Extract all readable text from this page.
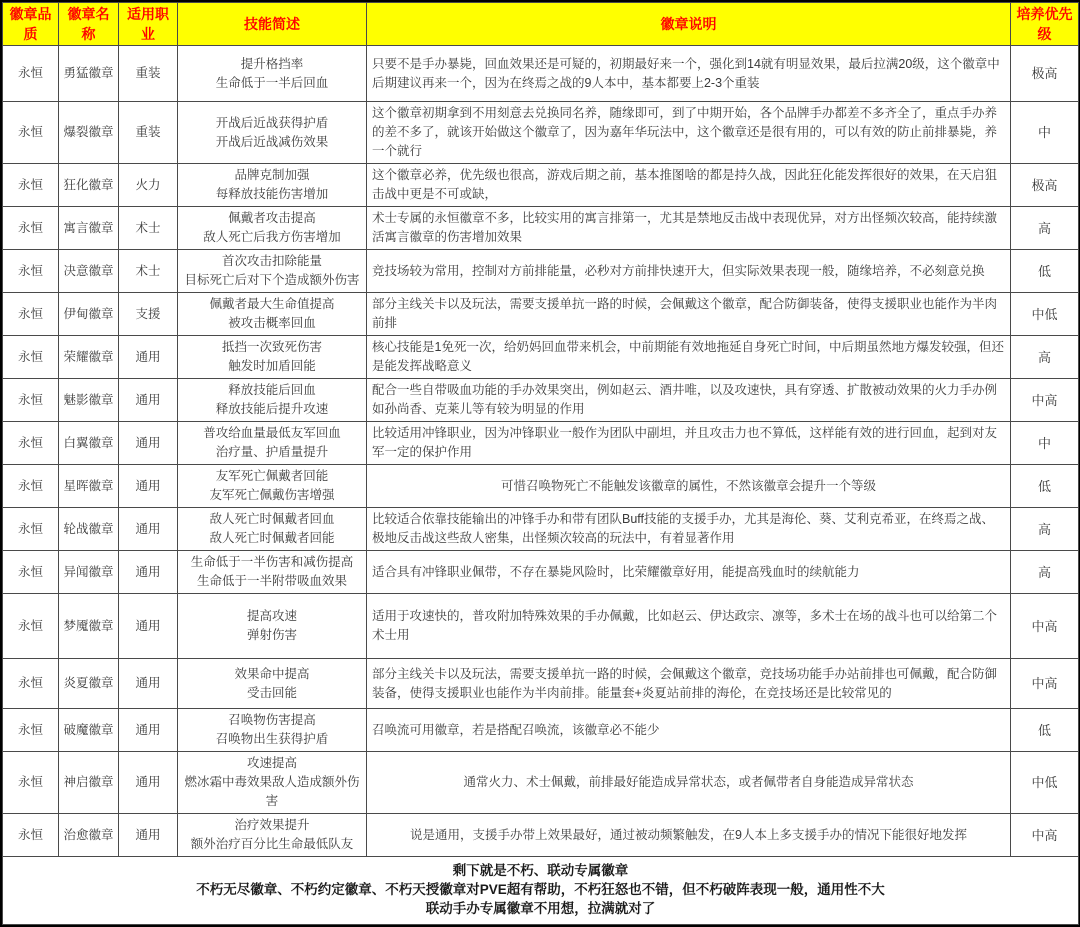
徽章品质	徽章名称	适用职业	技能简述	徽章说明	培养优先级
永恒	勇猛徽章	重装	提升格挡率
生命低于一半后回血	只要不是手办暴毙，回血效果还是可疑的，初期最好来一个，强化到14就有明显效果，最后拉满20级，这个徽章中后期建议再来一个，因为在终焉之战的9人本中，基本都要上2-3个重装	极高
永恒	爆裂徽章	重装	开战后近战获得护盾
开战后近战减伤效果	这个徽章初期拿到不用刻意去兑换同名养，随缘即可，到了中期开始，各个品牌手办都差不多齐全了，重点手办养的差不多了，就该开始做这个徽章了，因为嘉年华玩法中，这个徽章还是很有用的，可以有效的防止前排暴毙，养一个就行	中
永恒	狂化徽章	火力	品牌克制加强
每释放技能伤害增加	这个徽章必养，优先级也很高，游戏后期之前，基本推图啥的都是持久战，因此狂化能发挥很好的效果，在天启狙击战中更是不可或缺，	极高
永恒	寓言徽章	术士	佩戴者攻击提高
敌人死亡后我方伤害增加	术士专属的永恒徽章不多，比较实用的寓言排第一，尤其是禁地反击战中表现优异，对方出怪频次较高，能持续激活寓言徽章的伤害增加效果	高
永恒	决意徽章	术士	首次攻击扣除能量
目标死亡后对下个造成额外伤害	竞技场较为常用，控制对方前排能量，必秒对方前排快速开大，但实际效果表现一般，随缘培养，不必刻意兑换	低
永恒	伊甸徽章	支援	佩戴者最大生命值提高
被攻击概率回血	部分主线关卡以及玩法，需要支援单抗一路的时候，会佩戴这个徽章，配合防御装备，使得支援职业也能作为半肉前排	中低
永恒	荣耀徽章	通用	抵挡一次致死伤害
触发时加盾回能	核心技能是1免死一次，给奶妈回血带来机会，中前期能有效地拖延自身死亡时间，中后期虽然地方爆发较强，但还是能发挥战略意义	高
永恒	魅影徽章	通用	释放技能后回血
释放技能后提升攻速	配合一些自带吸血功能的手办效果突出，例如赵云、酒井唯，以及攻速快，具有穿透、扩散被动效果的火力手办例如孙尚香、克莱儿等有较为明显的作用	中高
永恒	白翼徽章	通用	普攻给血量最低友军回血
治疗量、护盾量提升	比较适用冲锋职业，因为冲锋职业一般作为团队中副坦，并且攻击力也不算低，这样能有效的进行回血，起到对友军一定的保护作用	中
永恒	星晖徽章	通用	友军死亡佩戴者回能
友军死亡佩戴伤害增强	可惜召唤物死亡不能触发该徽章的属性，不然该徽章会提升一个等级	低
永恒	轮战徽章	通用	敌人死亡时佩戴者回血
敌人死亡时佩戴者回能	比较适合依靠技能输出的冲锋手办和带有团队Buff技能的支援手办，尤其是海伦、葵、艾利克希亚，在终焉之战、极地反击战这些敌人密集，出怪频次较高的玩法中，有着显著作用	高
永恒	异闻徽章	通用	生命低于一半伤害和减伤提高
生命低于一半附带吸血效果	适合具有冲锋职业佩带，不存在暴毙风险时，比荣耀徽章好用，能提高残血时的续航能力	高
永恒	梦魇徽章	通用	提高攻速
弹射伤害	适用于攻速快的，普攻附加特殊效果的手办佩戴，比如赵云、伊达政宗、凛等，多术士在场的战斗也可以给第二个术士用	中高
永恒	炎夏徽章	通用	效果命中提高
受击回能	部分主线关卡以及玩法，需要支援单抗一路的时候，会佩戴这个徽章，竞技场功能手办站前排也可佩戴，配合防御装备，使得支援职业也能作为半肉前排。能量套+炎夏站前排的海伦，在竞技场还是比较常见的	中高
永恒	破魔徽章	通用	召唤物伤害提高
召唤物出生获得护盾	召唤流可用徽章，若是搭配召唤流，该徽章必不能少	低
永恒	神启徽章	通用	攻速提高
燃冰霜中毒效果敌人造成额外伤害	通常火力、术士佩戴，前排最好能造成异常状态，或者佩带者自身能造成异常状态	中低
永恒	治愈徽章	通用	治疗效果提升
额外治疗百分比生命最低队友	说是通用，支援手办带上效果最好，通过被动频繁触发，在9人本上多支援手办的情况下能很好地发挥	中高

剩下就是不朽、联动专属徽章
不朽无尽徽章、不朽约定徽章、不朽天授徽章对PVE超有帮助，不朽狂怒也不错，但不朽破阵表现一般，通用性不大
联动手办专属徽章不用想，拉满就对了					
